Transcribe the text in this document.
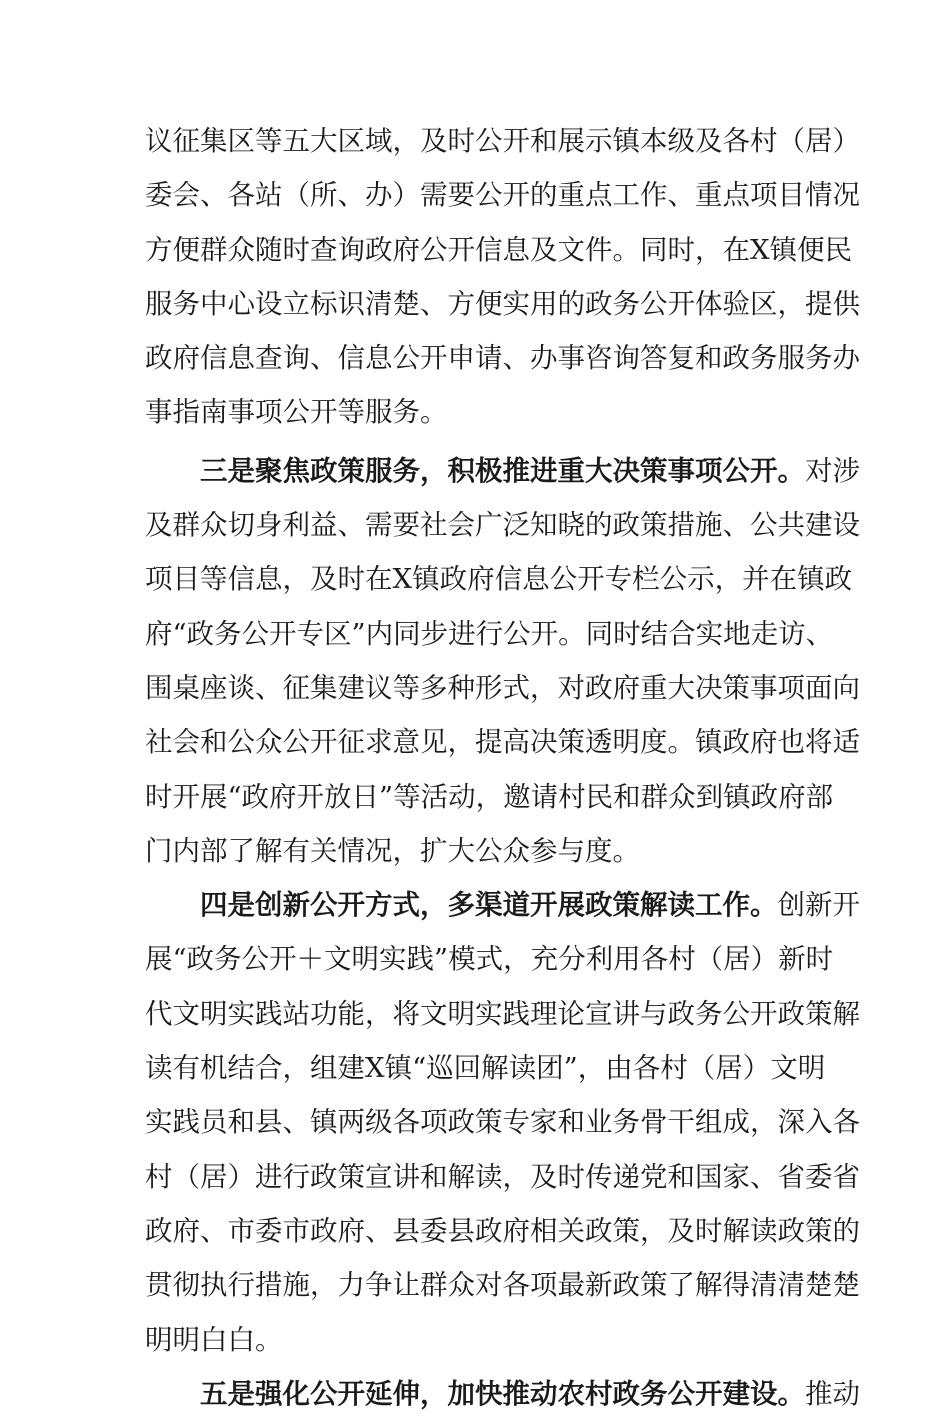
议征集区等五大区域，及时公开和展示镇本级及各村（居）
委会、各站（所、办）需要公开的重点工作、重点项目情况
方便群众随时查询政府公开信息及文件。同时，在X镇便民
服务中心设立标识清楚、方便实用的政务公开体验区，提供
政府信息查询、信息公开申请、办事咨询答复和政务服务办
事指南事项公开等服务。
三是聚焦政策服务，积极推进重大决策事项公开。对涉
及群众切身利益、需要社会广泛知晓的政策措施、公共建设
项目等信息，及时在X镇政府信息公开专栏公示，并在镇政
府“政务公开专区”内同步进行公开。同时结合实地走访、
围桌座谈、征集建议等多种形式，对政府重大决策事项面向
社会和公众公开征求意见，提高决策透明度。镇政府也将适
时开展“政府开放日”等活动，邀请村民和群众到镇政府部
门内部了解有关情况，扩大公众参与度。
四是创新公开方式，多渠道开展政策解读工作。创新开
展“政务公开＋文明实践”模式，充分利用各村（居）新时
代文明实践站功能，将文明实践理论宣讲与政务公开政策解
读有机结合，组建X镇“巡回解读团”，由各村（居）文明
实践员和县、镇两级各项政策专家和业务骨干组成，深入各
村（居）进行政策宣讲和解读，及时传递党和国家、省委省
政府、市委市政府、县委县政府相关政策，及时解读政策的
贯彻执行措施，力争让群众对各项最新政策了解得清清楚楚
明明白白。
五是强化公开延伸，加快推动农村政务公开建设。推动
